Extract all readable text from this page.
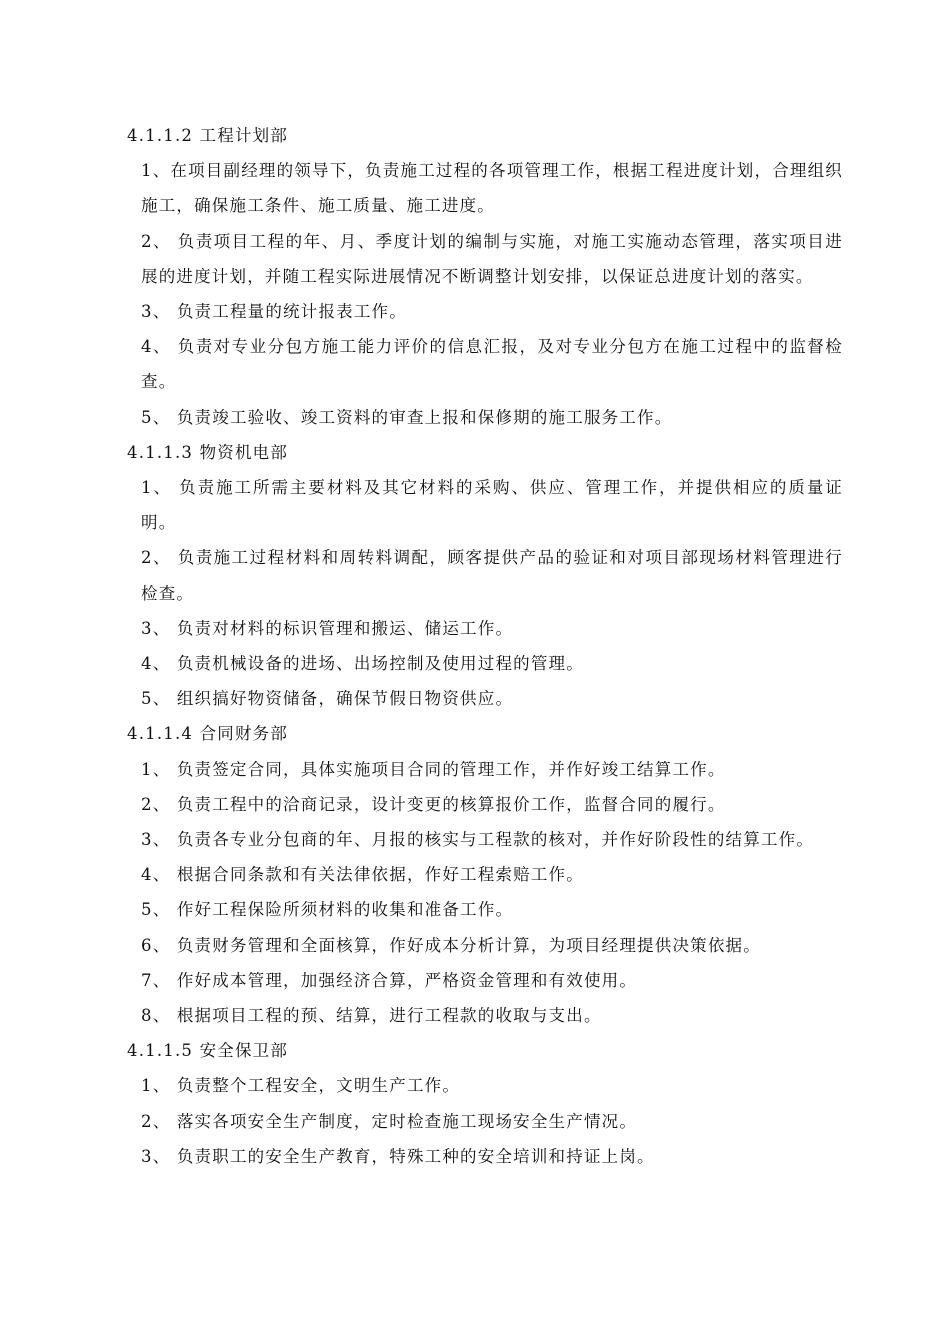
4.1.1.2 工程计划部

1、在项目副经理的领导下，负责施工过程的各项管理工作，根据工程进度计划，合理组织施工，确保施工条件、施工质量、施工进度。

2、 负责项目工程的年、月、季度计划的编制与实施，对施工实施动态管理，落实项目进展的进度计划，并随工程实际进展情况不断调整计划安排，以保证总进度计划的落实。

3、 负责工程量的统计报表工作。

4、 负责对专业分包方施工能力评价的信息汇报，及对专业分包方在施工过程中的监督检查。

5、 负责竣工验收、竣工资料的审查上报和保修期的施工服务工作。

4.1.1.3 物资机电部

1、 负责施工所需主要材料及其它材料的采购、供应、管理工作，并提供相应的质量证明。

2、 负责施工过程材料和周转料调配，顾客提供产品的验证和对项目部现场材料管理进行检查。

3、 负责对材料的标识管理和搬运、储运工作。

4、 负责机械设备的进场、出场控制及使用过程的管理。

5、 组织搞好物资储备，确保节假日物资供应。

4.1.1.4 合同财务部

1、 负责签定合同，具体实施项目合同的管理工作，并作好竣工结算工作。

2、 负责工程中的洽商记录，设计变更的核算报价工作，监督合同的履行。

3、 负责各专业分包商的年、月报的核实与工程款的核对，并作好阶段性的结算工作。

4、 根据合同条款和有关法律依据，作好工程索赔工作。

5、 作好工程保险所须材料的收集和准备工作。

6、 负责财务管理和全面核算，作好成本分析计算，为项目经理提供决策依据。

7、 作好成本管理，加强经济合算，严格资金管理和有效使用。

8、 根据项目工程的预、结算，进行工程款的收取与支出。

4.1.1.5 安全保卫部

1、 负责整个工程安全，文明生产工作。

2、 落实各项安全生产制度，定时检查施工现场安全生产情况。

3、 负责职工的安全生产教育，特殊工种的安全培训和持证上岗。
